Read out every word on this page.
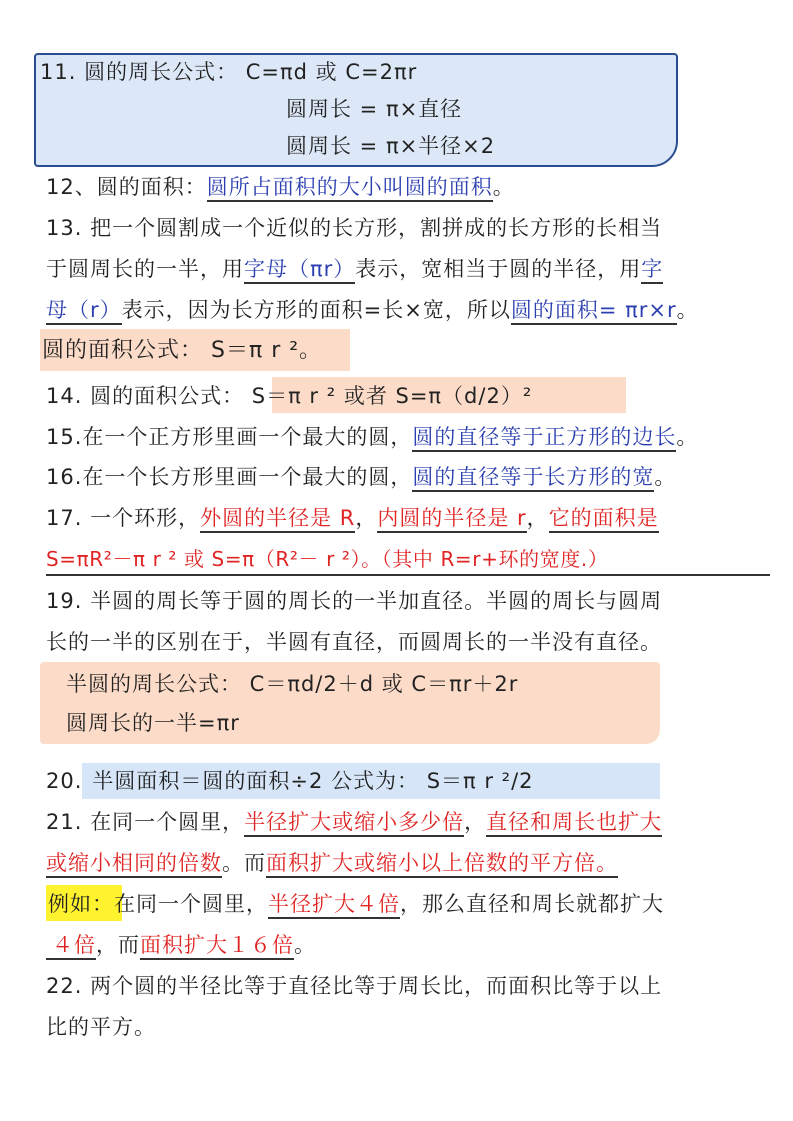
11. 圆的周长公式： C=πd 或 C=2πr
圆周长 = π×直径
圆周长 = π×半径×2
12、圆的面积：圆所占面积的大小叫圆的面积。
13. 把一个圆割成一个近似的长方形，割拼成的长方形的长相当
于圆周长的一半，用字母（πr）表示，宽相当于圆的半径，用字
母（r）表示，因为长方形的面积=长×宽，所以圆的面积= πr×r。
圆的面积公式： S＝π r ²。
14. 圆的面积公式： S＝π r ² 或者 S=π（d/2）²
15.在一个正方形里画一个最大的圆，圆的直径等于正方形的边长。
16.在一个长方形里画一个最大的圆，圆的直径等于长方形的宽。
17. 一个环形，外圆的半径是 R，内圆的半径是 r，它的面积是
S=πR²－π r ² 或 S=π（R²－ r ²）。（其中 R=r+环的宽度.）
19. 半圆的周长等于圆的周长的一半加直径。半圆的周长与圆周
长的一半的区别在于，半圆有直径，而圆周长的一半没有直径。
半圆的周长公式： C＝πd/2＋d 或 C＝πr＋2r
圆周长的一半=πr
20. 半圆面积＝圆的面积÷2 公式为： S＝π r ²/2
21. 在同一个圆里，半径扩大或缩小多少倍，直径和周长也扩大
或缩小相同的倍数。而面积扩大或缩小以上倍数的平方倍。
例如：在同一个圆里，半径扩大４倍，那么直径和周长就都扩大
４倍，而面积扩大１６倍。
22. 两个圆的半径比等于直径比等于周长比，而面积比等于以上
比的平方。
